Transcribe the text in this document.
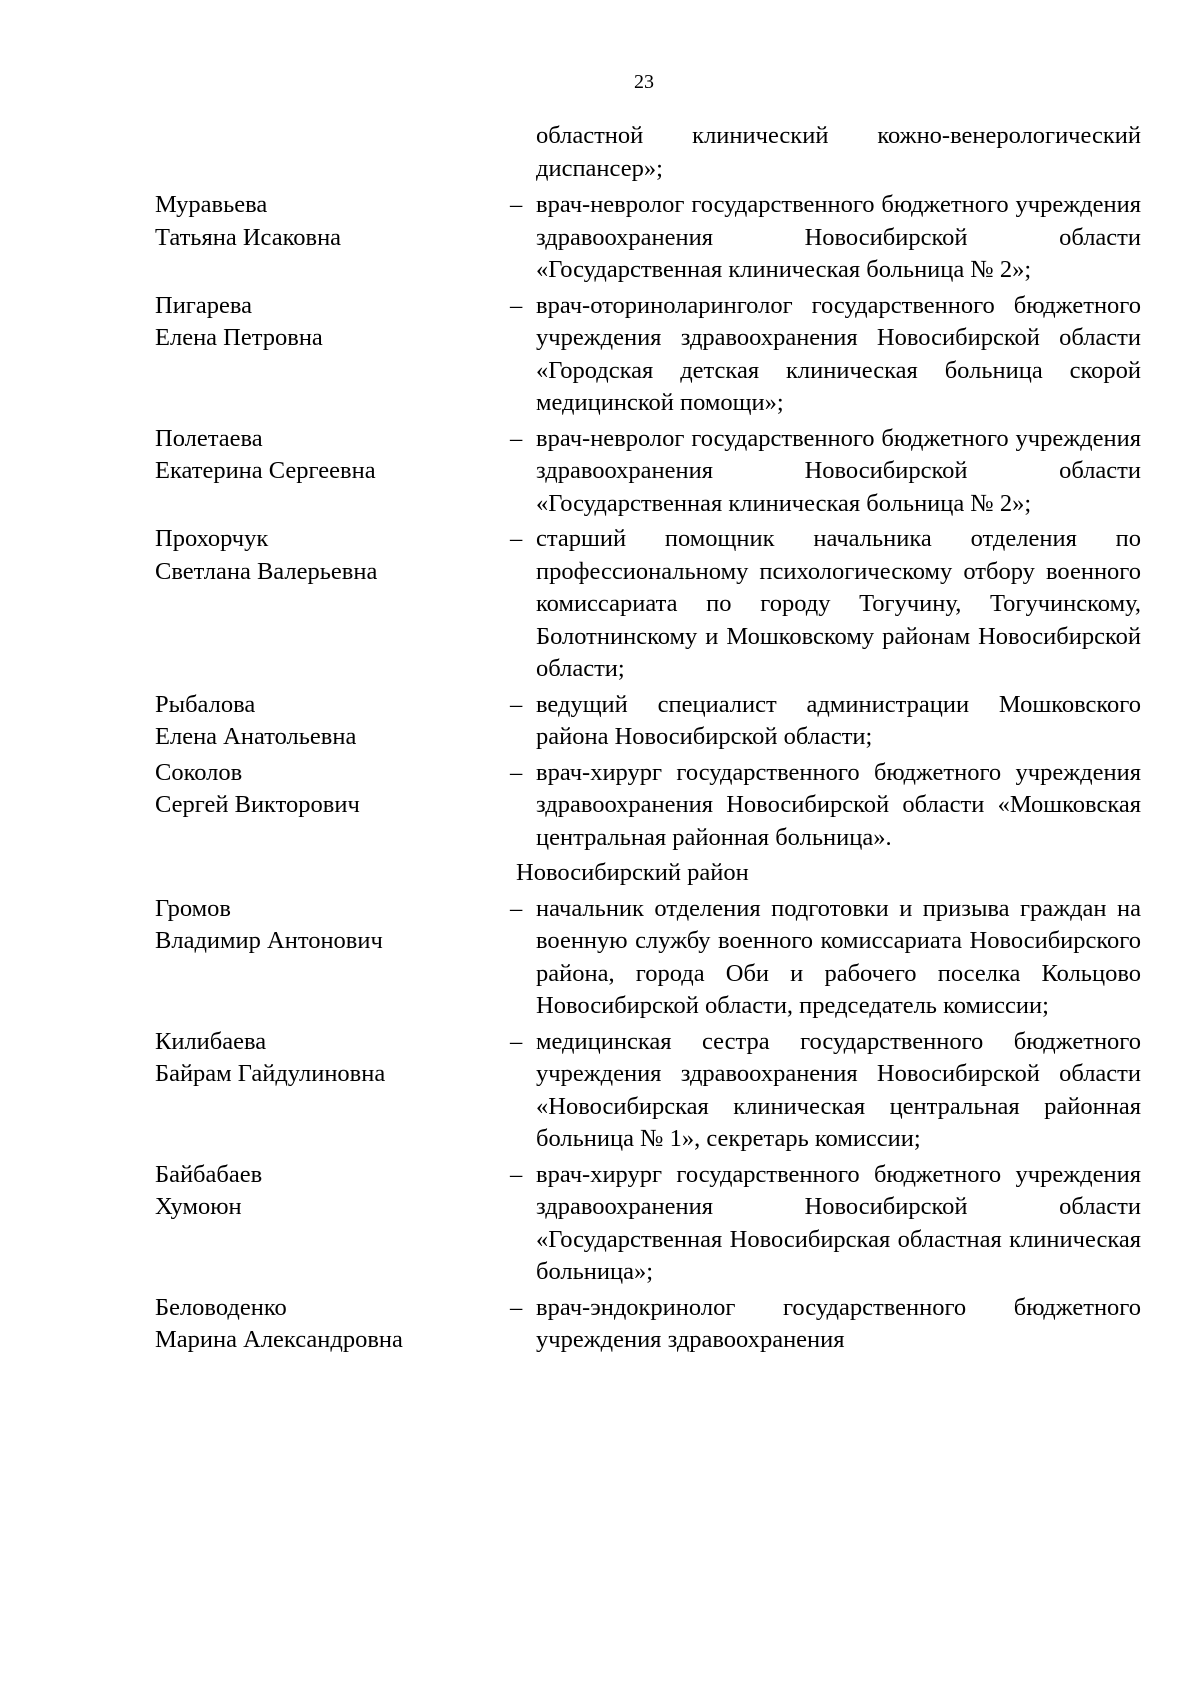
23
областной клинический кожно-венерологический диспансер»;
Муравьева
Татьяна Исаковна
– врач-невролог государственного бюджетного учреждения здравоохранения Новосибирской области «Государственная клиническая больница № 2»;
Пигарева
Елена Петровна
– врач-оториноларинголог государственного бюджетного учреждения здравоохранения Новосибирской области «Городская детская клиническая больница скорой медицинской помощи»;
Полетаева
Екатерина Сергеевна
– врач-невролог государственного бюджетного учреждения здравоохранения Новосибирской области «Государственная клиническая больница № 2»;
Прохорчук
Светлана Валерьевна
– старший помощник начальника отделения по профессиональному психологическому отбору военного комиссариата по городу Тогучину, Тогучинскому, Болотнинскому и Мошковскому районам Новосибирской области;
Рыбалова
Елена Анатольевна
– ведущий специалист администрации Мошковского района Новосибирской области;
Соколов
Сергей Викторович
– врач-хирург государственного бюджетного учреждения здравоохранения Новосибирской области «Мошковская центральная районная больница».
Новосибирский район
Громов
Владимир Антонович
– начальник отделения подготовки и призыва граждан на военную службу военного комиссариата Новосибирского района, города Оби и рабочего поселка Кольцово Новосибирской области, председатель комиссии;
Килибаева
Байрам Гайдулиновна
– медицинская сестра государственного бюджетного учреждения здравоохранения Новосибирской области «Новосибирская клиническая центральная районная больница № 1», секретарь комиссии;
Байбабаев
Хумоюн
– врач-хирург государственного бюджетного учреждения здравоохранения Новосибирской области «Государственная Новосибирская областная клиническая больница»;
Беловоденко
Марина Александровна
– врач-эндокринолог государственного бюджетного учреждения здравоохранения
